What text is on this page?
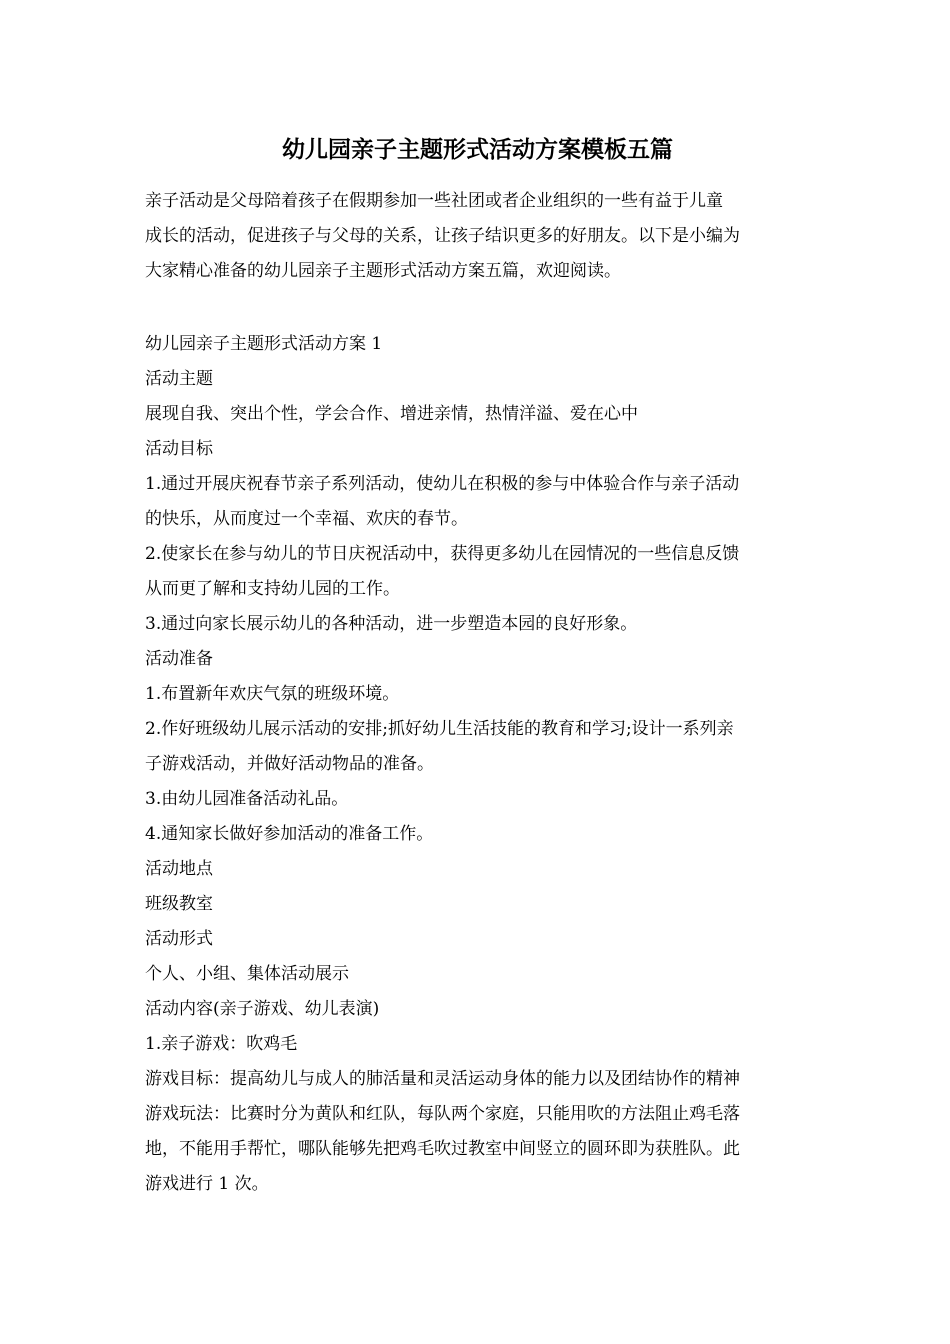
幼儿园亲子主题形式活动方案模板五篇
亲子活动是父母陪着孩子在假期参加一些社团或者企业组织的一些有益于儿童
成长的活动，促进孩子与父母的关系，让孩子结识更多的好朋友。以下是小编为
大家精心准备的幼儿园亲子主题形式活动方案五篇，欢迎阅读。
幼儿园亲子主题形式活动方案 1
活动主题
展现自我、突出个性，学会合作、增进亲情，热情洋溢、爱在心中
活动目标
1.通过开展庆祝春节亲子系列活动，使幼儿在积极的参与中体验合作与亲子活动
的快乐，从而度过一个幸福、欢庆的春节。
2.使家长在参与幼儿的节日庆祝活动中，获得更多幼儿在园情况的一些信息反馈
从而更了解和支持幼儿园的工作。
3.通过向家长展示幼儿的各种活动，进一步塑造本园的良好形象。
活动准备
1.布置新年欢庆气氛的班级环境。
2.作好班级幼儿展示活动的安排;抓好幼儿生活技能的教育和学习;设计一系列亲
子游戏活动，并做好活动物品的准备。
3.由幼儿园准备活动礼品。
4.通知家长做好参加活动的准备工作。
活动地点
班级教室
活动形式
个人、小组、集体活动展示
活动内容(亲子游戏、幼儿表演)
1.亲子游戏：吹鸡毛
游戏目标：提高幼儿与成人的肺活量和灵活运动身体的能力以及团结协作的精神
游戏玩法：比赛时分为黄队和红队，每队两个家庭，只能用吹的方法阻止鸡毛落
地，不能用手帮忙，哪队能够先把鸡毛吹过教室中间竖立的圆环即为获胜队。此
游戏进行 1 次。
